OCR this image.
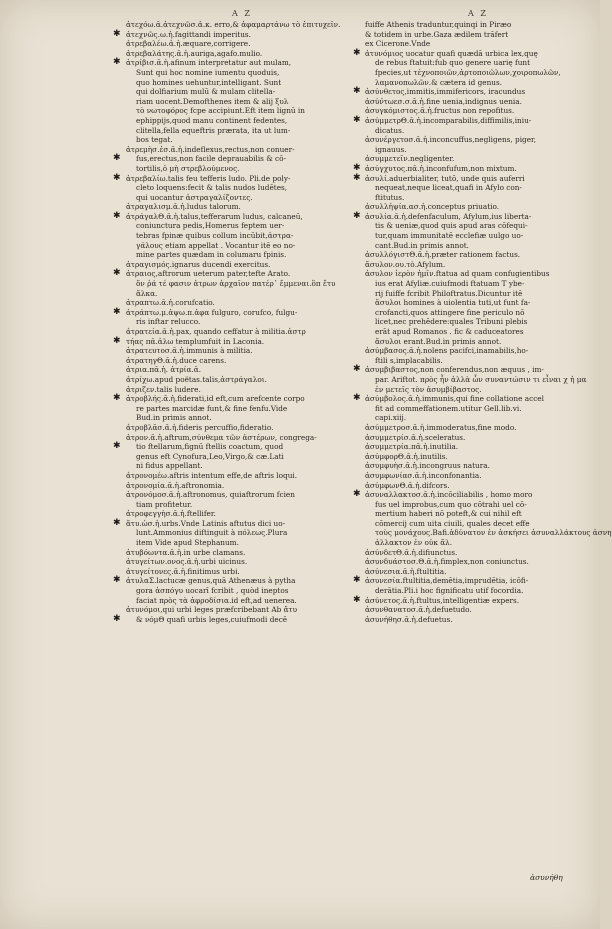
A Z	A Z
ἀτεχόω.ᾶ.ἀτεχνῶσ.ἀ.κ. erro,& ἀφαμαρτάνω τὸ ἐπιτυχεῖν.
✱ ἀτεχνῶς.ω.ἡ.fagittandi imperitus.
ἀτρεβαλέω.ἀ.ἡ.æquare,corrigere.
ἀτρεβαλάτης.ᾶ.ἡ.auriga,agafo.mulio.
✱ ἀτρίβισ.ᾶ.ἡ.afinum interpretatur aut mulam,
Sunt qui hoc nomine iumentu quoduis,
quo homines uehuntur,intelligant. Sunt
qui dolfiarium mulū & mulam clitella-
riam uocent.Demofthenes item & alij ξυλ
τὸ νωτοφόρος fcpe accipiunt.Eft item lignū in
ephippijs,quod manu continent fedentes,
clitella,fella equeftris prærata, ita ut lum-
bos tegat.
ἀτρεμὴσ.ἐσ.ᾶ.ἡ.indeflexus,rectus,non conuer-
✱ fus,erectus,non facile deprauabilis & cō-
tortilis,ὁ μὴ στρεβλούμενος.
✱ ἀτρεβαλίω.talis feu tefferis ludo. Pli.de poly-
cleto loquens:fecit & talis nudos ludētes,
qui uocantur ἀστραγαλίζοντες.
ἀτραγαλισμ.ᾶ.ἡ.ludus talorum.
✱ ἀτράγαλΘ.ᾶ.ἡ.talus,tefferarum ludus, calcaneū,
coniunctura pedis,Homerus feptem uer-
tebras fpinæ quibus collum incūbit,ἀστρα-
γάλους etiam appellat . Vocantur itē eo no-
mine partes quædam in columaru fpinis.
ἀτραγισμός.ignarus ducendi exercitus.
✱ ἀτραιος,aftrorum ueterum pater,tefte Arato.
ὅν ῥά τέ φασιν ἀτρων ἀρχαῖον πατέρ᾽ ἔμμεναι.ὃπ ἔτυ
ἄλκα.
ἀτραπτω.ᾶ.ἡ.corufcatio.
✱ ἀτράπτω.μ.ἀψω.π.ἀφα fulguro, corufco, fulgu-
ris inftar relucco.
ἀτρατεία.ᾶ.ἡ.pax, quando ceffatur à militia.ἀστρ
✱ τήας πᾶ.ἀλω templumfuit in Laconia.
ἀτρατευτοσ.ᾶ.ἡ.immunis à militia.
ἀτρατηγΘ.ᾶ.ἡ.duce carens.
ἀτρια.πᾶ.ἡ. ἀτρία.ᾶ.
ἀτρίχω.apud poëtas.talis,ἀστράγαλοι.
ἀτριζεν.talis ludere.
✱ ἀτροβλής.ᾶ.ἡ.fiderati,id eft,cum arefcente corpo
re partes marcidæ funt,& fine fenfu.Vide
Bud.in primis annot.
ἀτροβλᾶσ.ᾶ.ἡ.fideris percuffio,fideratio.
ἀτρον.ᾶ.ἡ.aftrum,σύνθεμα τῶν ἀστέρων, congrega-
✱ tio ftellarum,fignū ftellis coactum, quod
genus eft Cynofura,Leo,Virgo,& cæ.Lati
ni fidus appellant.
ἀτρονομέω.aftris intentum effe,de aftris loqui.
ἀτρονομία.ᾶ.ἡ.aftronomia.
ἀτρονόμοσ.ᾶ.ἡ.aftronomus, quiaftrorum fcien
tiam profitetur.
ἀτροφεγγὴσ.ᾶ.ἡ.ftellifer.
✱ ἄτυ.ὡσ.ἡ.urbs.Vnde Latinis aftutus dici uo-
lunt.Ammonius diftinguit à πόλεως.Plura
item Vide apud Stephanum.
ἀτυβόωντα.ᾶ.ἡ.in urbe clamans.
ἀτυγείτων.ονος.ᾶ.ἡ.urbi uicinus.
ἀτυγείτονες.ᾶ.ἡ.finitimus urbi.
✱ ἀτυλαΣ.lactucæ genus,quā Athenæus à pytha
gora ἀσπόγυ uocarī fcribit , quòd ineptos
faciat πρὸς τὰ ἀφροδίσια.id eft,ad uenerea.
ἀτυνόμοι,qui urbi leges præfcribebant Ab ἄτυ
✱ & νόμΘ quafi urbis leges,cuiufmodi decē
fuiffe Athenis traduntur,quinqi in Piræo
& totidem in urbe.Gaza ædilem trāfert
ex Cicerone.Vnde
✱ ἀτυνόμιος uocatur quafi quædā urbica lex,quę
de rebus ftatuit:fub quo genere uarię funt
fpecies,ut τέχνοποιῶν,ἀρτοποιῶλων,χοιροπωλῶν,
λαμανοπωλῶν.& cætera id genus.
✱ ἀσύνθετος,immitis,immifericors, iracundus
ἀσύν̓τωεσ.σ.ᾶ.ἡ.fine uenia,indignus uenia.
ἀσυγκόμιστος.ᾶ.ἡ.fructus non repofitus.
✱ ἀσύμμετρΘ.ᾶ.ἡ.incomparabilis,diffimilis,iniu-
dicatus.
ἀσυνέργετοσ.ᾶ.ἡ.inconcuffus,negligens, piger,
ignauus.
ἀσυμμετεῖν.negligenter.
✱ ἀσύγχυτος.πᾶ.ἡ.inconfufum,non mixtum.
✱ ἀσυλί.aduerbialiter, tutō, unde quis auferri
nequeat,neque liceat,quafi in Afylo con-
ftitutus.
ἀσυλλἠψία.ασ.ἡ.conceptus priuatio.
✱ ἀσυλία.ᾶ.ἡ.defenfaculum, Afylum,ius liberta-
tis & ueniæ,quod quis apud aras cōfequi-
tur,quam immunitatē ecclefiæ uulgo uo-
cant.Bud.in primis annot.
ἀσυλλόγιστΘ.ᾶ.ἡ.præter rationem factus.
ἄσυλον.ου.τὸ.Afylum.
ἀσυλον ἱερὸν ἡμῖν.ftatua ad quam confugientibus
ius erat Afyliæ.cuiufmodi ftatuam T ybe-
rij fuiffe fcribit Philoftratus.Dicuntur itē
ἄσυλοι homines à uiolentia tuti,ut funt fa-
crofancti,quos attingere fine periculo nō
licet,nec prehēdere:quales Tribuni plebis
erāt apud Romanos . fic & caduceatores
ἄσυλοι erant.Bud.in primis annot.
ἀσύμβασος.ᾶ.ἡ.nolens pacifci,inamabilis,ho-
ftili s,implacabilis.
✱ ἀσυμβιβαστος,non conferendus,non æquus , im-
par. Ariftot. πρὸς ἦν ἀλλὰ ὧν συναντώσιν τι εἶναι χ ἡ μα
ἐν μετεῖς τὸν ἀσυμβίβαστος.
✱ ἀσύμβολος.ᾶ.ἡ.immunis,qui fine collatione accel
fit ad commeffationem.utitur Gell.lib.vi.
capi.xiij.
ἀσύμμετροσ.ᾶ.ἡ.immoderatus,fine modo.
ἀσυμμετρίσ.ᾶ.ἡ.sceleratus.
ἀσυμμετρία.πᾶ.ἡ.inutilia.
ἀσύμφορΘ.ᾶ.ἡ.inutilis.
ἀσυμφυὴσ.ᾶ.ἡ.incongruus natura.
ἀσυμφωνίασ.ᾶ.ἡ.inconfonantia.
ἀσύμφωνΘ.ᾶ.ἡ.difcors.
✱ ἀσυναλλακτοσ.ᾶ.ἡ.incōciliabilis , homo moro
fus uel improbus,cum quo cōtrahi uel cō-
mertium haberi nō poteft,& cui nihil eft
cōmercij cum uita ciuili, quales decet effe
τοὺς μονάχους.Bafi.ἀδύνατον ἐν ἀσκήσει ἀσυναλλάκτους ἀσνη
ἀλλακτον ἐν οὐκ ἄλ.
ἀσύνδετΘ.ᾶ.ἡ.difiunctus.
ἀσυνδυάστοσ.Θ.ᾶ.ἡ.fimplex,non coniunctus.
ἀσύνεσια.ᾶ.ἡ.ftultitia.
✱ ἀσυνεσία.ftultitia,demētia,imprudētia, icōfi-
derātia.Pli.i hoc fignificatu utif focordia.
✱ ἀσύνετος.ᾶ.ἡ.ftultus,intelligentiæ expers.
ἀσυνθανατοσ.ᾶ.ἡ.defuetudo.
ἀσυνήθησ.ᾶ.ἡ.defuetus.
ἀσυνήθη
